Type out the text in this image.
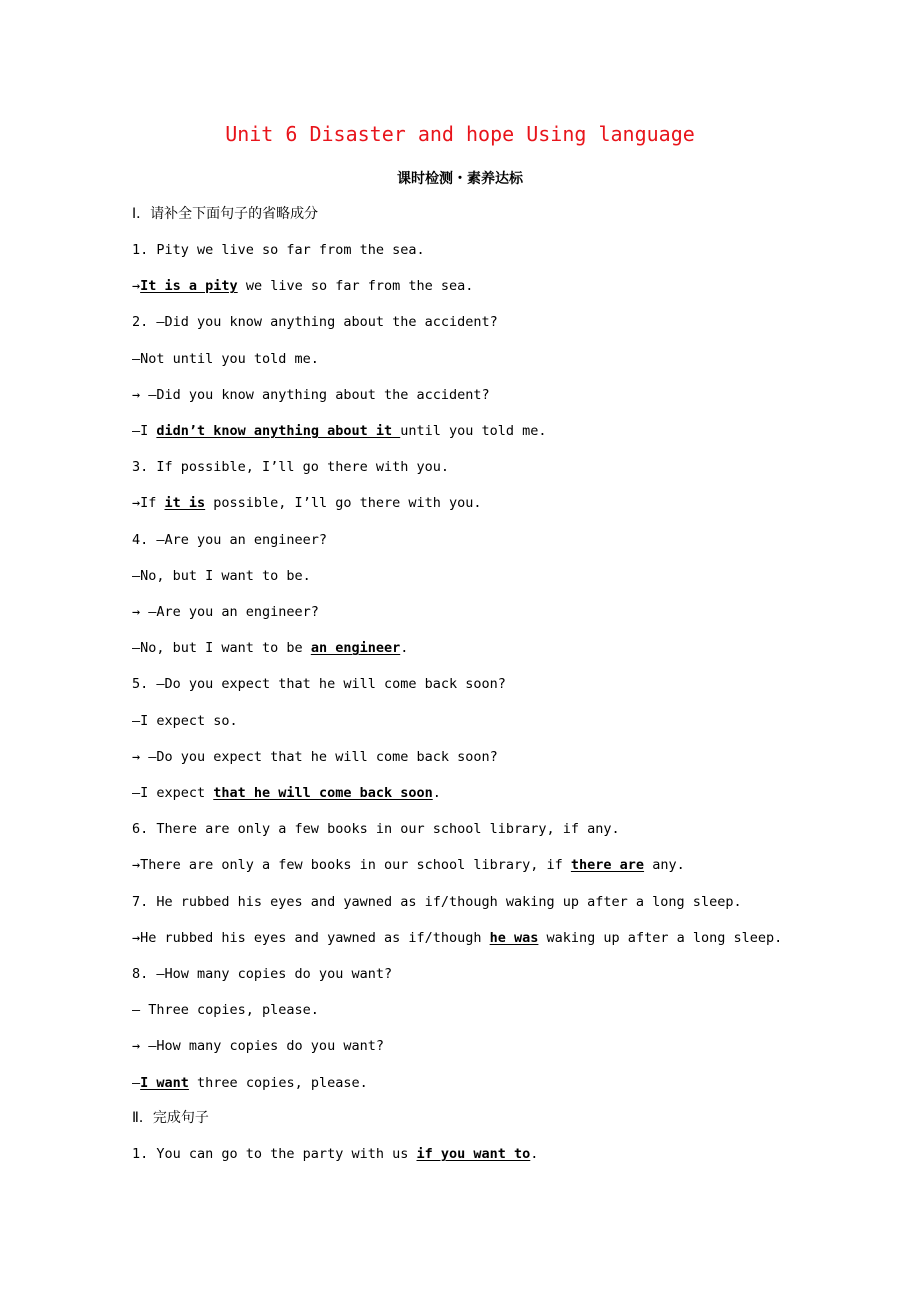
Unit 6 Disaster and hope Using language
课时检测・素养达标
Ⅰ．请补全下面句子的省略成分
1. Pity we live so far from the sea.
→It is a pity we live so far from the sea.
2. —Did you know anything about the accident?
—Not until you told me.
→ —Did you know anything about the accident?
—I didn’t know anything about it until you told me.
3. If possible, I’ll go there with you.
→If it is possible, I’ll go there with you.
4. —Are you an engineer?
—No, but I want to be.
→ —Are you an engineer?
—No, but I want to be an engineer.
5. —Do you expect that he will come back soon?
—I expect so.
→ —Do you expect that he will come back soon?
—I expect that he will come back soon.
6. There are only a few books in our school library, if any.
→There are only a few books in our school library, if there are any.
7. He rubbed his eyes and yawned as if/though waking up after a long sleep.
→He rubbed his eyes and yawned as if/though he was waking up after a long sleep.
8. —How many copies do you want?
— Three copies, please.
→ —How many copies do you want?
—I want three copies, please.
Ⅱ．完成句子
1. You can go to the party with us if you want to.
